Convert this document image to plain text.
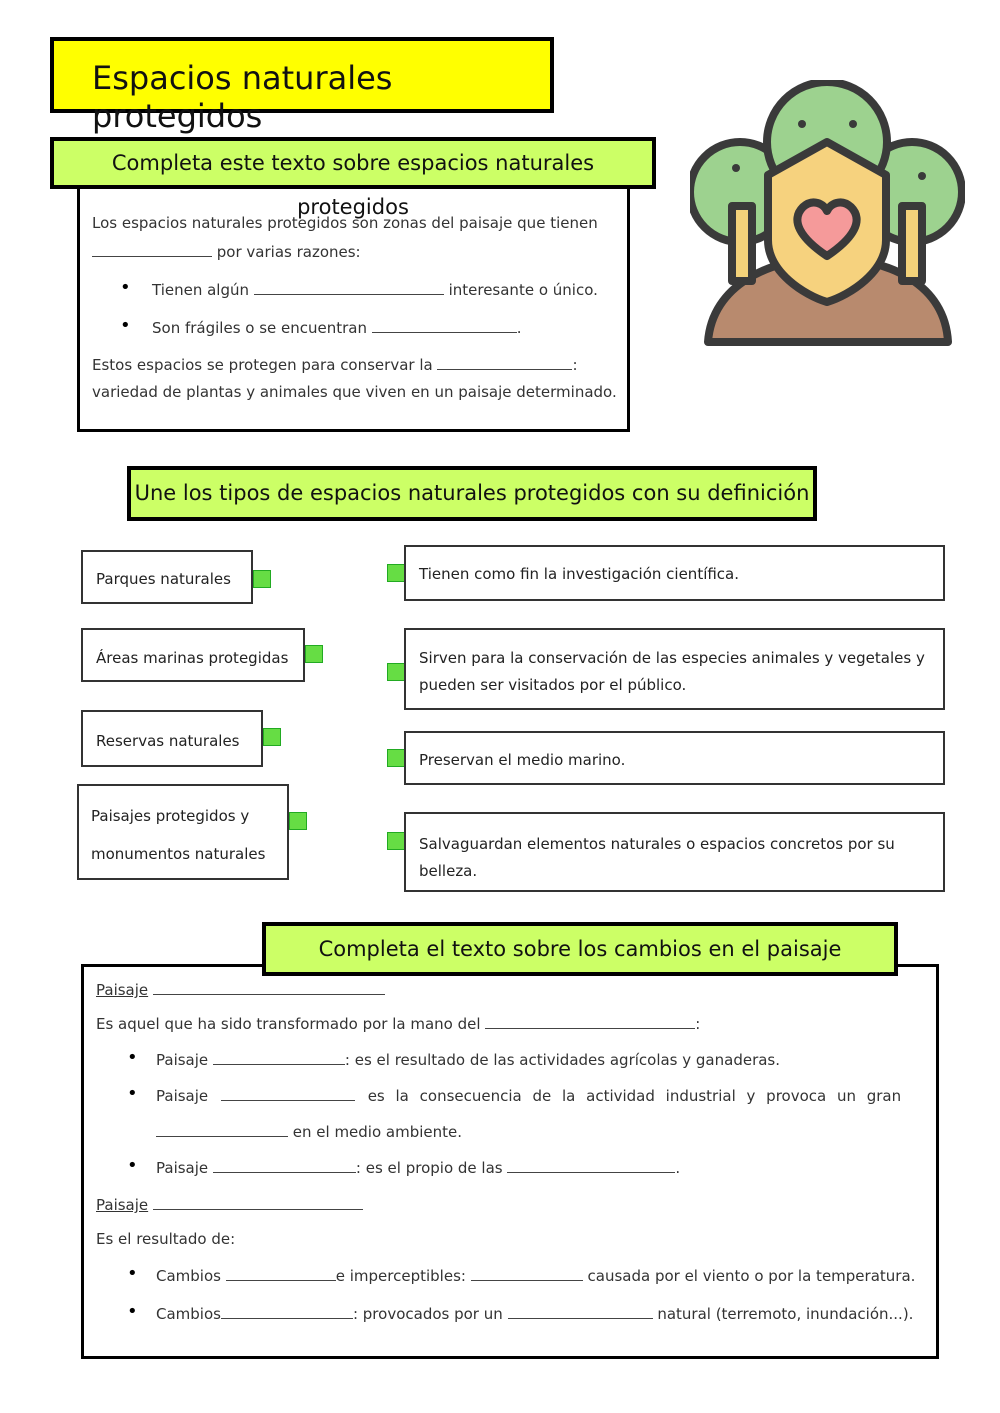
Espacios naturales protegidos
Completa este texto sobre espacios naturales protegidos
Los espacios naturales protegidos son zonas del paisaje que tienen
por varias razones:
• Tienen algún	interesante o único.
• Son frágiles o se encuentran	.
Estos espacios se protegen para conservar la	:
variedad de plantas y animales que viven en un paisaje determinado.
Une los tipos de espacios naturales protegidos con su definición
Parques naturales
Áreas marinas protegidas
Reservas naturales
Paisajes protegidos y
monumentos naturales
Tienen como fin la investigación científica.
Sirven para la conservación de las especies animales y vegetales y
pueden ser visitados por el público.
Preservan el medio marino.
Salvaguardan elementos naturales o espacios concretos por su
belleza.
Completa el texto sobre los cambios en el paisaje
Paisaje
Es aquel que ha sido transformado por la mano del	:
• Paisaje	: es el resultado de las actividades agrícolas y ganaderas.
• Paisaje	es la consecuencia de la actividad industrial y provoca un gran
en el medio ambiente.
• Paisaje	: es el propio de las	.
Paisaje
Es el resultado de:
• Cambios	e imperceptibles:	causada por el viento o por la temperatura.
• Cambios	: provocados por un	natural (terremoto, inundación...).
